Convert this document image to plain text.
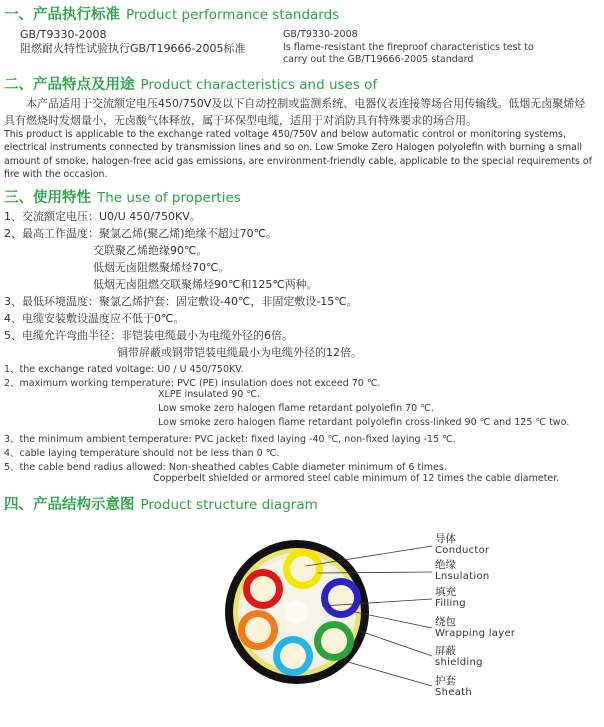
一、产品执行标准 Product performance standards
GB/T9330-2008
阻燃耐火特性试验执行GB/T19666-2005标准
GB/T9330-2008
Is flame-resistant the fireproof characteristics test to
carry out the GB/T19666-2005 standard
二、产品特点及用途 Product characteristics and uses of
本产品适用于交流额定电压450/750V及以下自动控制或监测系统、电器仪表连接等场合用传输线。低烟无卤聚烯烃具有燃烧时发烟量小，无卤酸气体释放，属于环保型电缆，适用于对消防具有特殊要求的场合用。
This product is applicable to the exchange rated voltage 450/750V and below automatic control or monitoring systems, electrical instruments connected by transmission lines and so on. Low Smoke Zero Halogen polyolefin with burning a small amount of smoke, halogen-free acid gas emissions, are environment-friendly cable, applicable to the special requirements of fire with the occasion.
三、使用特性 The use of properties
1、交流额定电压：U0/U 450/750KV。
2、最高工作温度：聚氯乙烯(聚乙烯)绝缘不超过70℃。
交联聚乙烯绝缘90℃。
低烟无卤阻燃聚烯烃70℃。
低烟无卤阻燃交联聚烯烃90℃和125℃两种。
3、最低环境温度：聚氯乙烯护套：固定敷设-40℃，非固定敷设-15℃。
4、电缆安装敷设温度应不低于0℃。
5、电缆允许弯曲半径：非铠装电缆最小为电缆外径的6倍。
铜带屏蔽或钢带铠装电缆最小为电缆外径的12倍。
1、the exchange rated voltage: U0 / U 450/750KV.
2、maximum working temperature: PVC (PE) insulation does not exceed 70 ℃.
XLPE insulated 90 ℃.
Low smoke zero halogen flame retardant polyolefin 70 ℃.
Low smoke zero halogen flame retardant polyolefin cross-linked 90 ℃ and 125 ℃ two.
3、the minimum ambient temperature: PVC jacket: fixed laying -40 ℃, non-fixed laying -15 ℃.
4、cable laying temperature should not be less than 0 ℃.
5、the cable bend radius allowed: Non-sheathed cables Cable diameter minimum of 6 times.
Copperbelt shielded or armored steel cable minimum of 12 times the cable diameter.
四、产品结构示意图 Product structure diagram
导体
Conductor
绝缘
Lnsulation
填充
Filling
绕包
Wrapping layer
屏蔽
shielding
护套
Sheath
